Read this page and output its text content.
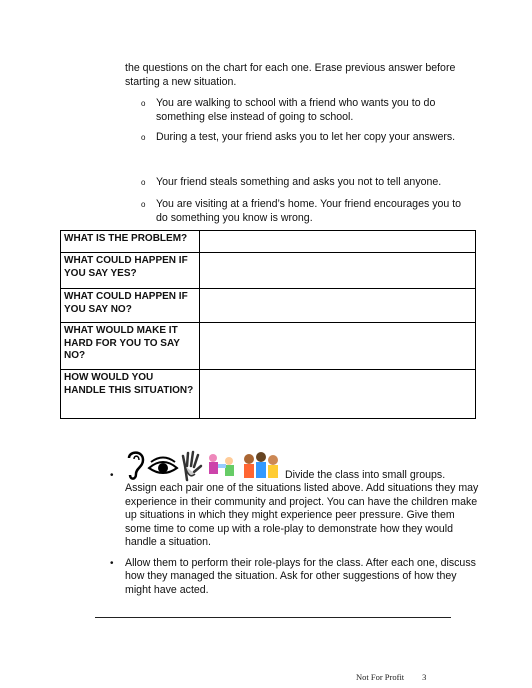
the questions on the chart for each one. Erase previous answer before starting a new situation.
o You are walking to school with a friend who wants you to do something else instead of going to school.
o During a test, your friend asks you to let her copy your answers.
o Your friend steals something and asks you not to tell anyone.
o You are visiting at a friend’s home. Your friend encourages you to do something you know is wrong.
WHAT IS THE PROBLEM?	
WHAT COULD HAPPEN IF YOU SAY YES?	
WHAT COULD HAPPEN IF YOU SAY NO?	
WHAT WOULD MAKE IT HARD FOR YOU TO SAY NO?	
HOW WOULD YOU HANDLE THIS SITUATION?	
•	Divide the class into small groups.
Assign each pair one of the situations listed above. Add situations they may experience in their community and project. You can have the children make up situations in which they might experience peer pressure. Give them some time to come up with a role-play to demonstrate how they would handle a situation.
• Allow them to perform their role-plays for the class. After each one, discuss how they managed the situation. Ask for other suggestions of how they might have acted.
Not For Profit 3
